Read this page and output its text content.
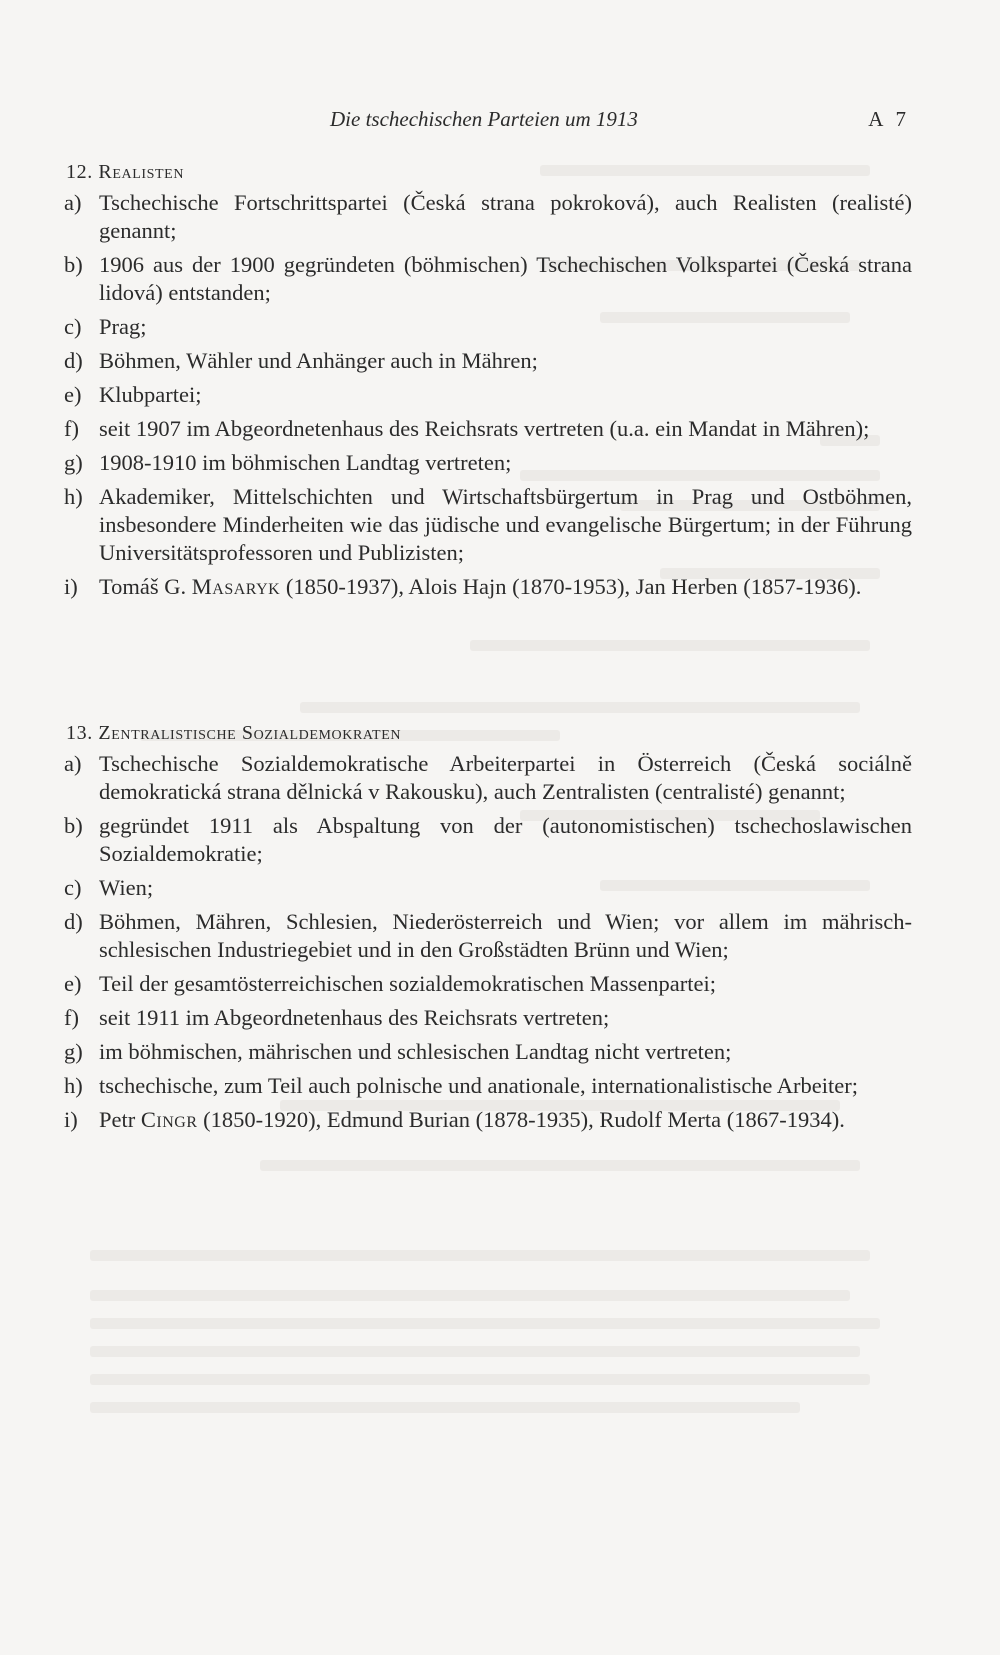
Die tschechischen Parteien um 1913	A 7
12. Realisten
a) Tschechische Fortschrittspartei (Česká strana pokroková), auch Realisten (realisté) genannt;
b) 1906 aus der 1900 gegründeten (böhmischen) Tschechischen Volkspartei (Česká strana lidová) entstanden;
c) Prag;
d) Böhmen, Wähler und Anhänger auch in Mähren;
e) Klubpartei;
f) seit 1907 im Abgeordnetenhaus des Reichsrats vertreten (u.a. ein Mandat in Mähren);
g) 1908-1910 im böhmischen Landtag vertreten;
h) Akademiker, Mittelschichten und Wirtschaftsbürgertum in Prag und Ostböhmen, insbesondere Minderheiten wie das jüdische und evangelische Bürgertum; in der Führung Universitätsprofessoren und Publizisten;
i) Tomáš G. Masaryk (1850-1937), Alois Hajn (1870-1953), Jan Herben (1857-1936).
13. Zentralistische Sozialdemokraten
a) Tschechische Sozialdemokratische Arbeiterpartei in Österreich (Česká sociálně demokratická strana dělnická v Rakousku), auch Zentralisten (centralisté) genannt;
b) gegründet 1911 als Abspaltung von der (autonomistischen) tschechoslawischen Sozialdemokratie;
c) Wien;
d) Böhmen, Mähren, Schlesien, Niederösterreich und Wien; vor allem im mährisch-schlesischen Industriegebiet und in den Großstädten Brünn und Wien;
e) Teil der gesamtösterreichischen sozialdemokratischen Massenpartei;
f) seit 1911 im Abgeordnetenhaus des Reichsrats vertreten;
g) im böhmischen, mährischen und schlesischen Landtag nicht vertreten;
h) tschechische, zum Teil auch polnische und anationale, internationalistische Arbeiter;
i) Petr Cingr (1850-1920), Edmund Burian (1878-1935), Rudolf Merta (1867-1934).
